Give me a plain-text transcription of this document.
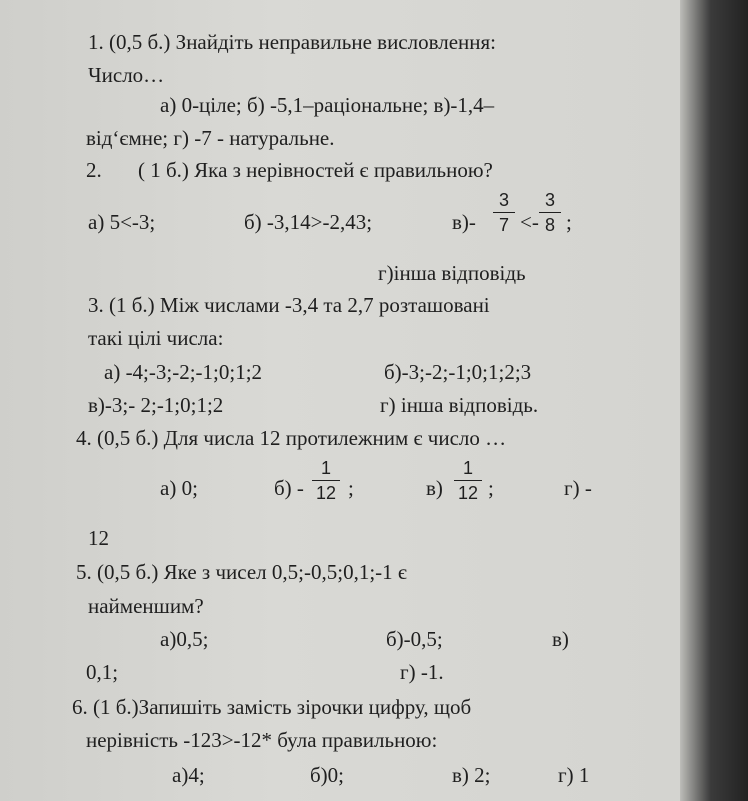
1. (0,5 б.) Знайдіть неправильне висловлення:
Число…
а) 0-ціле; б) -5,1–раціональне; в)-1,4–
від‘ємне; г) -7 - натуральне.
2. ( 1 б.) Яка з нерівностей є правильною?
а) 5<-3;	б) -3,14>-2,43;	в)-
3
7 <-
3
8 ;
г)інша відповідь
3. (1 б.) Між числами -3,4 та 2,7 розташовані
такі цілі числа:
а) -4;-3;-2;-1;0;1;2	б)-3;-2;-1;0;1;2;3
в)-3;- 2;-1;0;1;2	г) інша відповідь.
4. (0,5 б.) Для числа 12 протилежним є число …
а) 0;	б) -
1
12 ;	в)
1
12 ;	г) -
12
5. (0,5 б.) Яке з чисел 0,5;-0,5;0,1;-1 є
найменшим?
а)0,5;	б)-0,5;	в)
0,1;	г) -1.
6. (1 б.)Запишіть замість зірочки цифру, щоб
нерівність -123>-12* була правильною:
а)4;	б)0;	в) 2;	г) 1
